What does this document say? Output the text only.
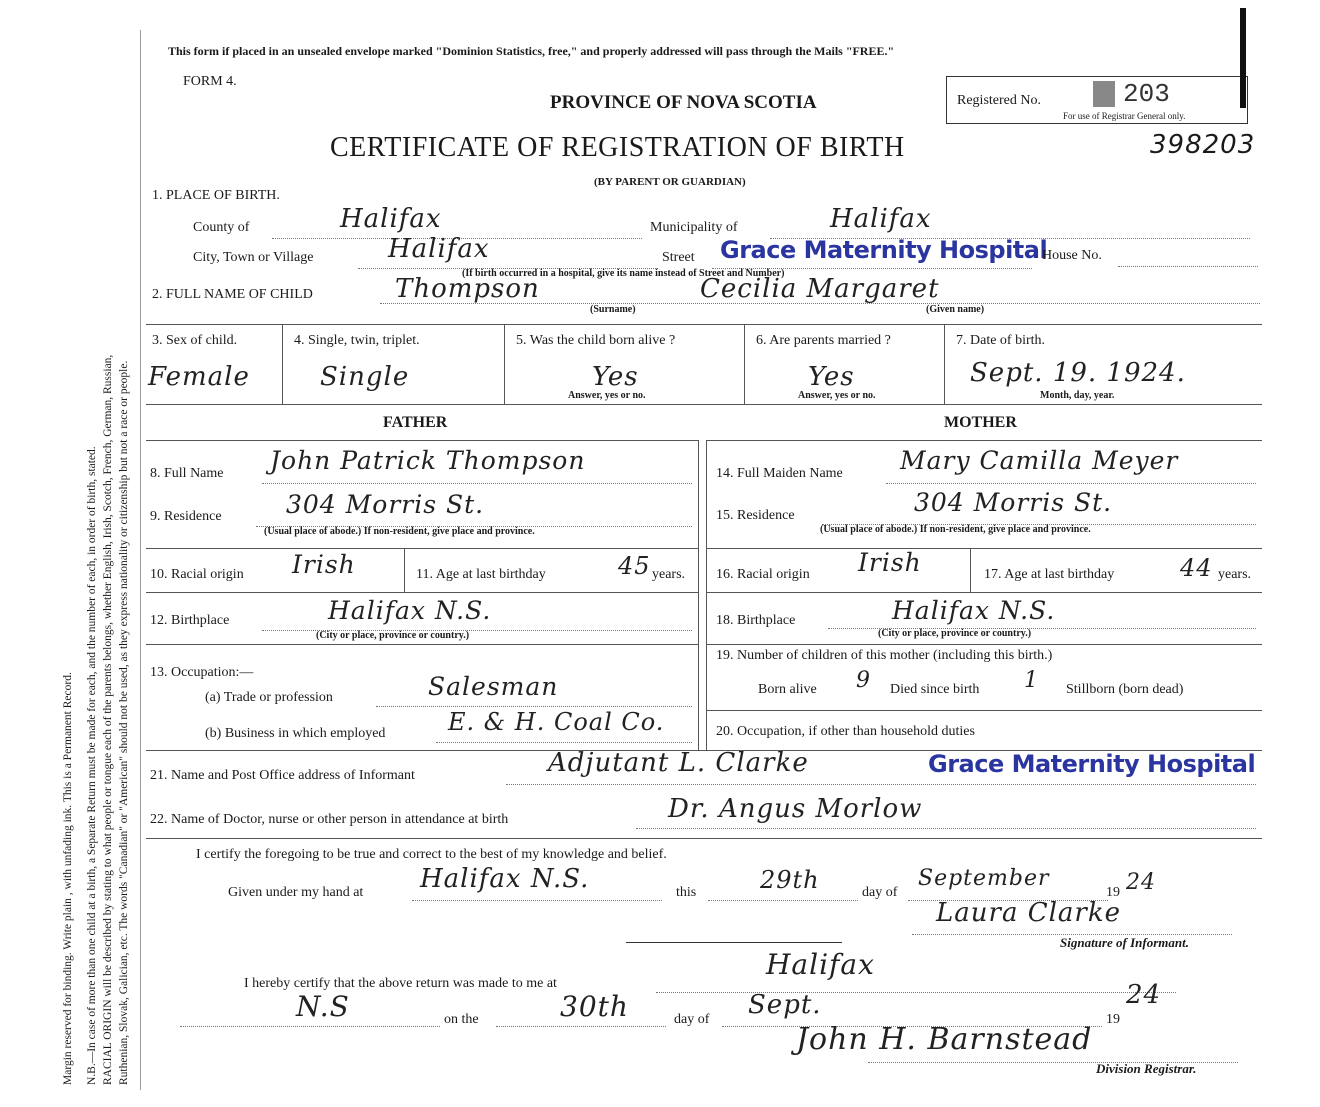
Margin reserved for binding. Write plain , with unfading ink. This is a Permanent Record. N.B.—In case of more than one child at a birth, a Separate Return must be made for each, and the number of each, in order of birth, stated. RACIAL ORIGIN will be described by stating to what people or tongue each of the parents belongs, whether English, Irish, Scotch, French, German, Russian, Ruthenian, Slovak, Galician, etc. The words "Canadian" or "American" should not be used, as they express nationality or citizenship but not a race or people.
This form if placed in an unsealed envelope marked "Dominion Statistics, free," and properly addressed will pass through the Mails "FREE."
FORM 4.
PROVINCE OF NOVA SCOTIA
CERTIFICATE OF REGISTRATION OF BIRTH
(BY PARENT OR GUARDIAN)
Registered No.	203
For use of Registrar General only.
398203
1. PLACE OF BIRTH.
County of	Halifax	Municipality of	Halifax
City, Town or Village	Halifax	Street Grace Maternity Hospital
House No.
(If birth occurred in a hospital, give its name instead of Street and Number)
2. FULL NAME OF CHILD	Thompson	Cecilia Margaret
(Surname)	(Given name)
3. Sex of child.
Female
4. Single, twin, triplet.
Single
5. Was the child born alive ?
Yes
Answer, yes or no.
6. Are parents married ?
Yes
Answer, yes or no.
7. Date of birth.
Sept. 19. 1924.
Month, day, year.
FATHER	MOTHER
8. Full Name John Patrick Thompson	14. Full Maiden Name Mary Camilla Meyer
9. Residence	304 Morris St.
(Usual place of abode.) If non-resident, give place and province.
15. Residence	304 Morris St.
(Usual place of abode.) If non-resident, give place and province.
10. Racial origin Irish	11. Age at last birthday	45 years. 16. Racial origin Irish	17. Age at last birthday	44 years.
12. Birthplace	Halifax N.S.
(City or place, province or country.)
18. Birthplace	Halifax N.S.
(City or place, province or country.)
13. Occupation:—
(a) Trade or profession	Salesman
(b) Business in which employed	E. & H. Coal Co.
19. Number of children of this mother (including this birth.)
Born alive 9 Died since birth 1 Stillborn (born dead)
20. Occupation, if other than household duties
21. Name and Post Office address of Informant	Adjutant L. Clarke	Grace Maternity Hospital
22. Name of Doctor, nurse or other person in attendance at birth	Dr. Angus Morlow
I certify the foregoing to be true and correct to the best of my knowledge and belief.
Given under my hand at Halifax N.S.	this	29th	day of
September
19 24
Laura Clarke
Signature of Informant.
I hereby certify that the above return was made to me at
Halifax
N.S	on the	30th	day of Sept.	19
24
John H. Barnstead
Division Registrar.
